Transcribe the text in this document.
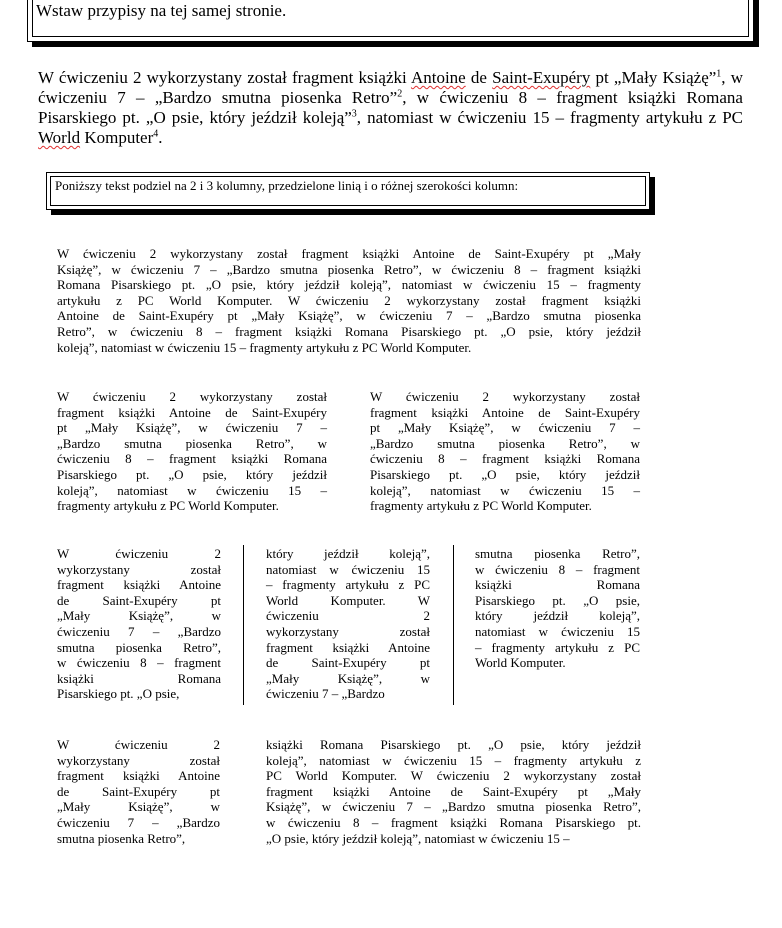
Wstaw przypisy na tej samej stronie.

W ćwiczeniu 2 wykorzystany został fragment książki Antoine de Saint-Exupéry pt „Mały Książę”$^1$, w ćwiczeniu 7 – „Bardzo smutna piosenka Retro”$^2$, w ćwiczeniu 8 – fragment książki Romana Pisarskiego pt. „O psie, który jeździł koleją”$^3$, natomiast w ćwiczeniu 15 – fragmenty artykułu z PC World Komputer$^4$.

Poniższy tekst podziel na 2 i 3 kolumny, przedzielone linią i o różnej szerokości kolumn:
W ćwiczeniu 2 wykorzystany został fragment książki Antoine de Saint-Exupéry pt „Mały
Książę”, w ćwiczeniu 7 – „Bardzo smutna piosenka Retro”, w ćwiczeniu 8 – fragment książki
Romana Pisarskiego pt. „O psie, który jeździł koleją”, natomiast w ćwiczeniu 15 – fragmenty
artykułu z PC World Komputer. W ćwiczeniu 2 wykorzystany został fragment książki
Antoine de Saint-Exupéry pt „Mały Książę”, w ćwiczeniu 7 – „Bardzo smutna piosenka
Retro”, w ćwiczeniu 8 – fragment książki Romana Pisarskiego pt. „O psie, który jeździł
koleją”, natomiast w ćwiczeniu 15 – fragmenty artykułu z PC World Komputer.
W ćwiczeniu 2 wykorzystany został
fragment książki Antoine de Saint-Exupéry
pt „Mały Książę”, w ćwiczeniu 7 –
„Bardzo smutna piosenka Retro”, w
ćwiczeniu 8 – fragment książki Romana
Pisarskiego pt. „O psie, który jeździł
koleją”, natomiast w ćwiczeniu 15 –
fragmenty artykułu z PC World Komputer.
W ćwiczeniu 2 wykorzystany został
fragment książki Antoine de Saint-Exupéry
pt „Mały Książę”, w ćwiczeniu 7 –
„Bardzo smutna piosenka Retro”, w
ćwiczeniu 8 – fragment książki Romana
Pisarskiego pt. „O psie, który jeździł
koleją”, natomiast w ćwiczeniu 15 –
fragmenty artykułu z PC World Komputer.
W ćwiczeniu 2
wykorzystany został
fragment książki Antoine
de Saint-Exupéry pt
„Mały Książę”, w
ćwiczeniu 7 – „Bardzo
smutna piosenka Retro”,
w ćwiczeniu 8 – fragment
książki Romana
Pisarskiego pt. „O psie,
który jeździł koleją”,
natomiast w ćwiczeniu 15
– fragmenty artykułu z PC
World Komputer. W
ćwiczeniu 2
wykorzystany został
fragment książki Antoine
de Saint-Exupéry pt
„Mały Książę”, w
ćwiczeniu 7 – „Bardzo
smutna piosenka Retro”,
w ćwiczeniu 8 – fragment
książki Romana
Pisarskiego pt. „O psie,
który jeździł koleją”,
natomiast w ćwiczeniu 15
– fragmenty artykułu z PC
World Komputer.
W ćwiczeniu 2
wykorzystany został
fragment książki Antoine
de Saint-Exupéry pt
„Mały Książę”, w
ćwiczeniu 7 – „Bardzo
smutna piosenka Retro”,
książki Romana Pisarskiego pt. „O psie, który jeździł
koleją”, natomiast w ćwiczeniu 15 – fragmenty artykułu z
PC World Komputer. W ćwiczeniu 2 wykorzystany został
fragment książki Antoine de Saint-Exupéry pt „Mały
Książę”, w ćwiczeniu 7 – „Bardzo smutna piosenka Retro”,
w ćwiczeniu 8 – fragment książki Romana Pisarskiego pt.
„O psie, który jeździł koleją”, natomiast w ćwiczeniu 15 –
